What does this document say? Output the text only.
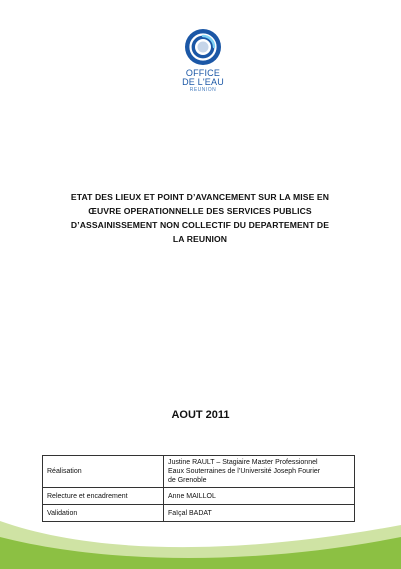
OFFICE
DE L'EAU
REUNION
ETAT DES LIEUX ET POINT D’AVANCEMENT SUR LA MISE EN
ŒUVRE OPERATIONNELLE DES SERVICES PUBLICS
D’ASSAINISSEMENT NON COLLECTIF DU DEPARTEMENT DE
LA REUNION
AOUT 2011
Réalisation	Justine RAULT – Stagiaire Master Professionnel
Eaux Souterraines de l’Université Joseph Fourier
de Grenoble

Relecture et encadrement	Anne MAILLOL

Validation	Faïçal BADAT
